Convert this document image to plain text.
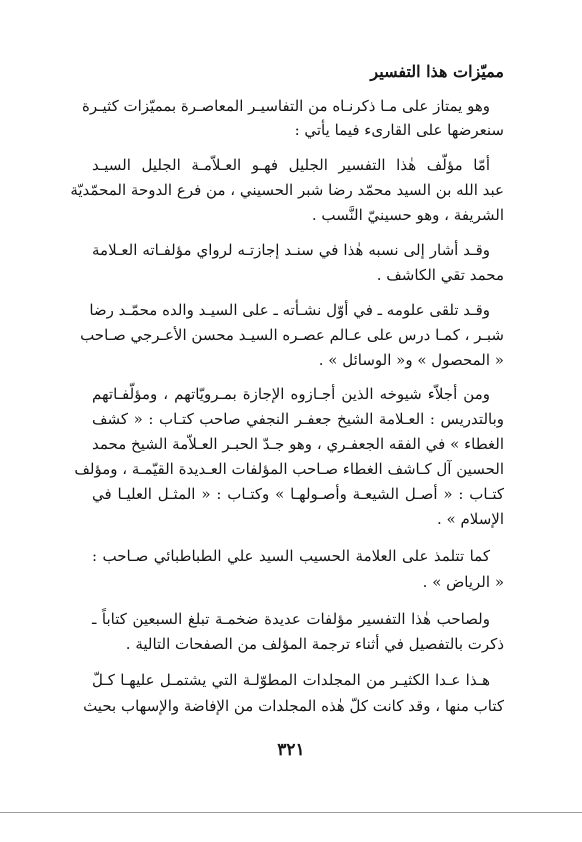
مميّزات هذا التفسير
وهو يمتاز على مـا ذكرنـاه من التفاسيـر المعاصـرة بمميّزات كثيـرة
سنعرضها على القارىء فيما يأتي :
أمّا مؤلّف هٰذا التفسير الجليل فهـو العـلاّمـة الجليل السيـد
عبد الله بن السيد محمّد رضا شبر الحسيني ، من فرع الدوحة المحمّديّة
الشريفة ، وهو حسينيّ النَّسب .
وقـد أشار إلى نسبه هٰذا في سنـد إجازتـه لرواي مؤلفـاته العـلامة
محمد تقي الكاشف .
وقـد تلقى علومه ـ في أوّل نشـأته ـ على السيـد والده محمّـد رضا
شبـر ، كمـا درس على عـالم عصـره السيـد محسن الأعـرجي صـاحب
« المحصول » و« الوسائل » .
ومن أجلاّء شيوخه الذين أجـازوه الإجازة بمـرويّاتهم ، ومؤلّفـاتهم
وبالتدريس : العـلامة الشيخ جعفـر النجفي صاحب كتـاب : « كشف
الغطاء » في الفقه الجعفـري ، وهو جـدّ الحبـر العـلاّمة الشيخ محمد
الحسين آل كـاشف الغطاء صـاحب المؤلفات العـديدة القيّمـة ، ومؤلف
كتـاب : « أصـل الشيعـة وأصـولهـا » وكتـاب : « المثـل العليـا في
الإسلام » .
كما تتلمذ على العلامة الحسيب السيد علي الطباطبائي صـاحب :
« الرياض » .
ولصاحب هٰذا التفسير مؤلفات عديدة ضخمـة تبلغ السبعين كتاباً ـ
ذكرت بالتفصيل في أثناء ترجمة المؤلف من الصفحات التالية .
هـذا عـدا الكثيـر من المجلدات المطوّلـة التي يشتمـل عليهـا كـلّ
كتاب منها ، وقد كانت كلّ هٰذه المجلدات من الإفاضة والإسهاب بحيث
٣٢١
